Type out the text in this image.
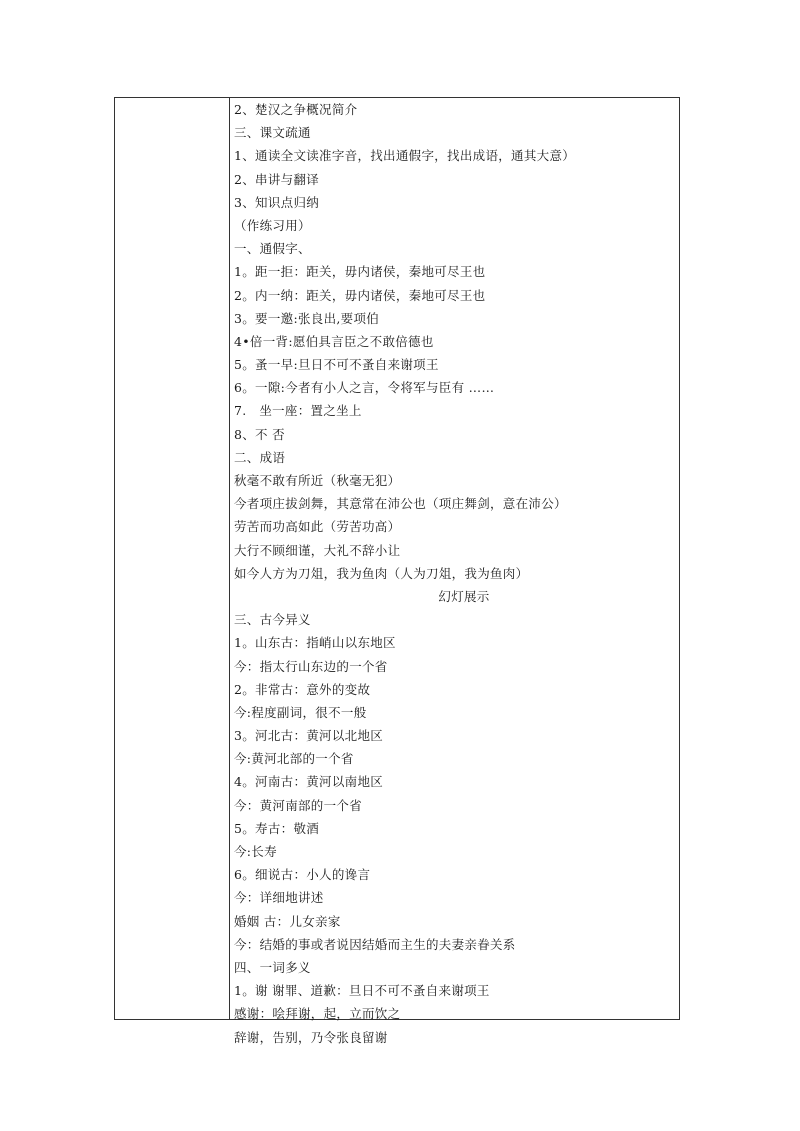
2、楚汉之争概况简介
三、课文疏通
1、通读全文读准字音，找出通假字，找出成语，通其大意）
2、串讲与翻译
3、知识点归纳
（作练习用）
一、通假字、
1。距一拒：距关，毋内诸侯，秦地可尽王也
2。内一纳：距关，毋内诸侯，秦地可尽王也
3。要一邀:张良出,要项伯
4•倍一背:愿伯具言臣之不敢倍德也
5。蚤一早:旦日不可不蚤自来谢项王
6。一隙:今者有小人之言，令将军与臣有 ……
7.　坐一座：置之坐上
8、不 否
二、成语
秋毫不敢有所近（秋毫无犯）
今者项庄拔剑舞，其意常在沛公也（项庄舞剑，意在沛公）
劳苦而功高如此（劳苦功高）
大行不顾细谨，大礼不辞小让
如今人方为刀俎，我为鱼肉（人为刀俎，我为鱼肉）
幻灯展示
三、古今异义
1。山东古：指峭山以东地区
今：指太行山东边的一个省
2。非常古：意外的变故
今:程度副词，很不一般
3。河北古：黄河以北地区
今:黄河北部的一个省
4。河南古：黄河以南地区
今：黄河南部的一个省
5。寿古：敬酒
今:长寿
6。细说古：小人的谗言
今：详细地讲述
婚姻 古：儿女亲家
今：结婚的事或者说因结婚而主生的夫妻亲眷关系
四、一词多义
1。谢 谢罪、道歉：旦日不可不蚤自来谢项王
感谢：哙拜谢，起，立而饮之
辞谢，告别，乃令张良留谢
